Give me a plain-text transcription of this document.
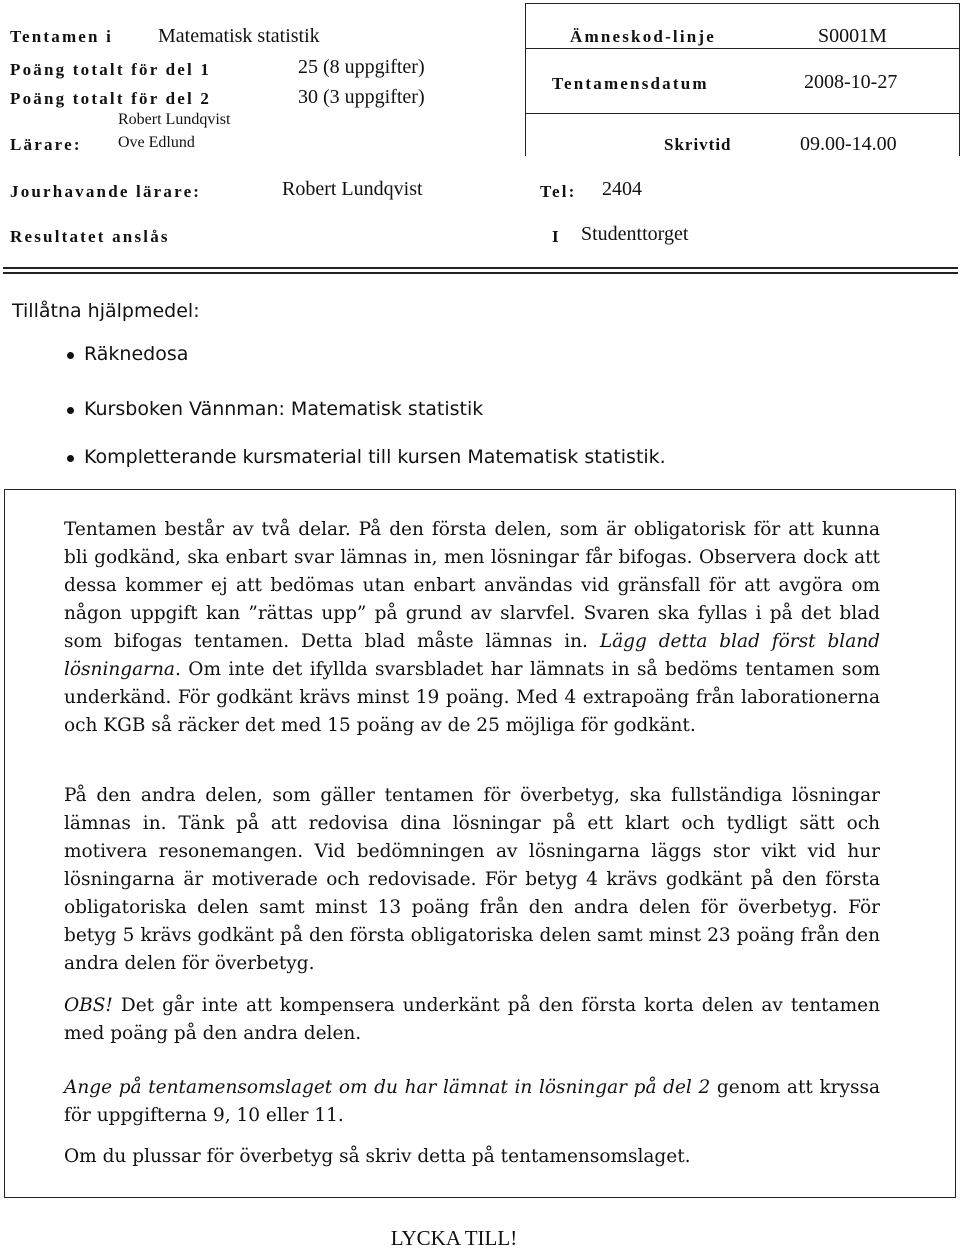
Tentamen i Matematisk statistik
Poäng totalt för del 1	25 (8 uppgifter)
Poäng totalt för del 2	30 (3 uppgifter)
Robert Lundqvist
Lärare: Ove Edlund
Ämneskod-linje	S0001M
Tentamensdatum	2008-10-27
Skrivtid	09.00-14.00
Jourhavande lärare:	Robert Lundqvist	Tel: 2404
Resultatet anslås	I Studenttorget
Tillåtna hjälpmedel:
Räknedosa
Kursboken Vännman: Matematisk statistik
Kompletterande kursmaterial till kursen Matematisk statistik.
Tentamen består av två delar. På den första delen, som är obligatorisk för att kunna bli godkänd, ska enbart svar lämnas in, men lösningar får bifogas. Observera dock att dessa kommer ej att bedömas utan enbart användas vid gränsfall för att avgöra om någon uppgift kan ”rättas upp” på grund av slarvfel. Svaren ska fyllas i på det blad som bifogas tentamen. Detta blad måste lämnas in. Lägg detta blad först bland lösningarna. Om inte det ifyllda svarsbladet har lämnats in så bedöms tentamen som underkänd. För godkänt krävs minst 19 poäng. Med 4 extrapoäng från laborationerna och KGB så räcker det med 15 poäng av de 25 möjliga för godkänt.
På den andra delen, som gäller tentamen för överbetyg, ska fullständiga lösningar lämnas in. Tänk på att redovisa dina lösningar på ett klart och tydligt sätt och motivera resonemangen. Vid bedömningen av lösningarna läggs stor vikt vid hur lösningarna är motiverade och redovisade. För betyg 4 krävs godkänt på den första obligatoriska delen samt minst 13 poäng från den andra delen för överbetyg. För betyg 5 krävs godkänt på den första obligatoriska delen samt minst 23 poäng från den andra delen för överbetyg.
OBS! Det går inte att kompensera underkänt på den första korta delen av tentamen med poäng på den andra delen.
Ange på tentamensomslaget om du har lämnat in lösningar på del 2 genom att kryssa för uppgifterna 9, 10 eller 11.
Om du plussar för överbetyg så skriv detta på tentamensomslaget.
LYCKA TILL!
